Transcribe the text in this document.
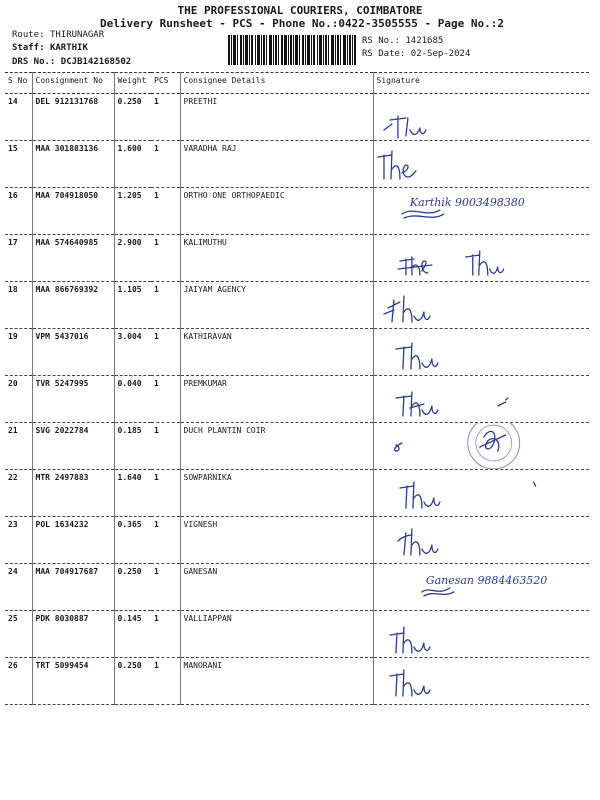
THE PROFESSIONAL COURIERS, COIMBATORE
Delivery Runsheet - PCS - Phone No.:0422-3505555 - Page No.:2
Route: THIRUNAGAR
Staff: KARTHIK
DRS No.: DCJB142168502
RS No.: 1421685
RS Date: 02-Sep-2024
S No	Consignment No	Weight	PCS	Consignee Details	Signature
14	DEL 912131768	0.250	1	PREETHI	

15	MAA 301883136	1.600	1	VARADHA RAJ	

16	MAA 704918050	1.205	1	ORTHO ONE ORTHOPAEDIC	Karthik 9003498380

17	MAA 574640985	2.900	1	KALIMUTHU	

18	MAA 866769392	1.105	1	JAIYAM AGENCY	

19	VPM 5437016	3.004	1	KATHIRAVAN	

20	TVR 5247995	0.040	1	PREMKUMAR	

21	SVG 2022784	0.185	1	DUCH PLANTIN COIR	

22	MTR 2497883	1.640	1	SOWPARNIKA	

23	POL 1634232	0.365	1	VIGNESH	

24	MAA 704917687	0.250	1	GANESAN	Ganesan 9884463520

25	PDK 8030887	0.145	1	VALLIAPPAN	

26	TRT 5099454	0.250	1	MANORANI	
